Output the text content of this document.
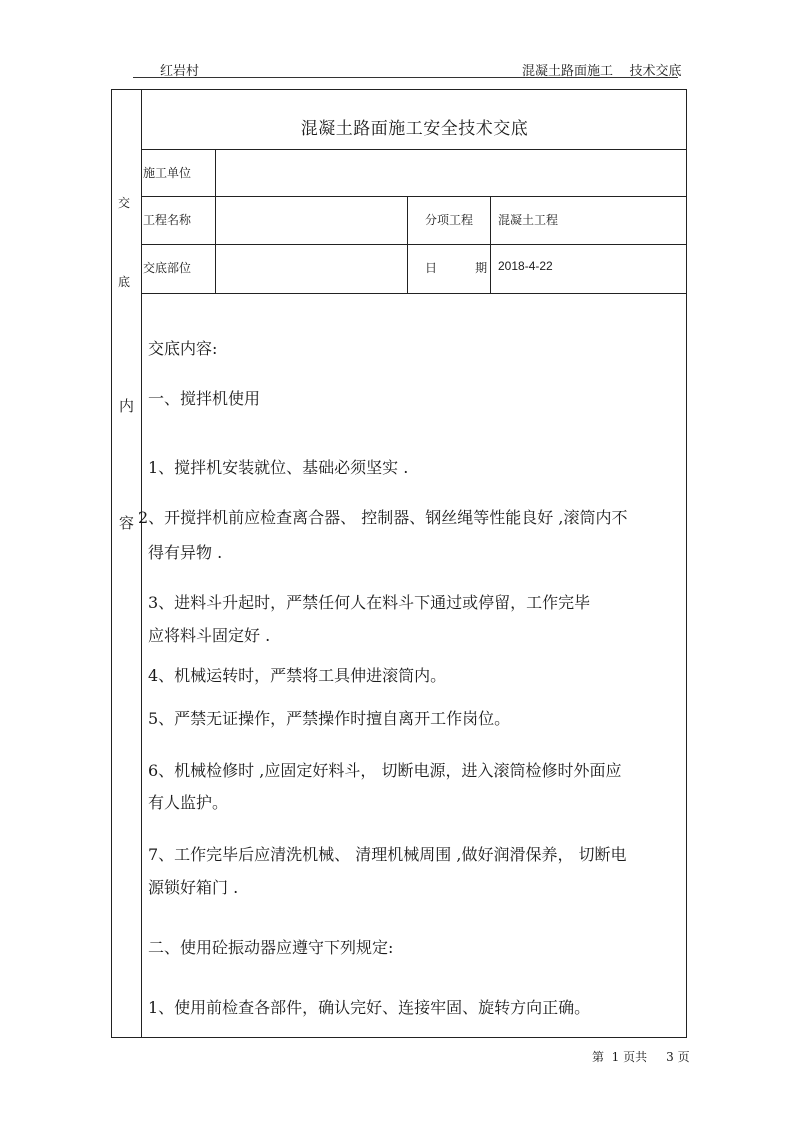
红岩村	混凝土路面施工    技术交底
交
底
内
容
混凝土路面施工安全技术交底
施工单位
工程名称	分项工程 混凝土工程
交底部位	日          期 2018-4-22
交底内容:
一、搅拌机使用
1、搅拌机安装就位、基础必须坚实 .
2、开搅拌机前应检查离合器、 控制器、钢丝绳等性能良好 ,滚筒内不
得有异物 .
3、进料斗升起时，严禁任何人在料斗下通过或停留，工作完毕
应将料斗固定好 .
4、机械运转时，严禁将工具伸进滚筒内。
5、严禁无证操作，严禁操作时擅自离开工作岗位。
6、机械检修时 ,应固定好料斗， 切断电源，进入滚筒检修时外面应
有人监护。
7、工作完毕后应清洗机械、 清理机械周围 ,做好润滑保养， 切断电
源锁好箱门 .
二、使用砼振动器应遵守下列规定:
1、使用前检查各部件，确认完好、连接牢固、旋转方向正确。
第  1 页共     3 页
